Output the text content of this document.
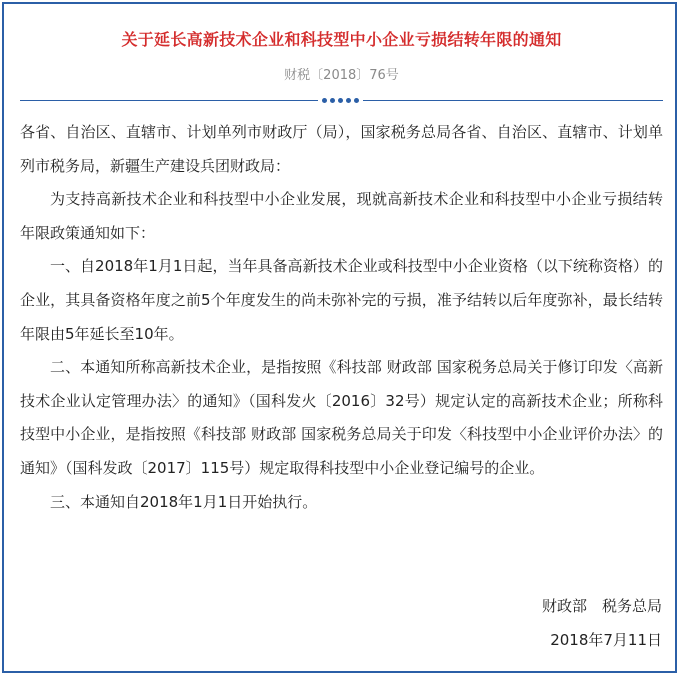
关于延长高新技术企业和科技型中小企业亏损结转年限的通知
财税〔2018〕76号

各省、自治区、直辖市、计划单列市财政厅（局），国家税务总局各省、自治区、直辖市、计划单列市税务局，新疆生产建设兵团财政局：

为支持高新技术企业和科技型中小企业发展，现就高新技术企业和科技型中小企业亏损结转年限政策通知如下：

一、自2018年1月1日起，当年具备高新技术企业或科技型中小企业资格（以下统称资格）的企业，其具备资格年度之前5个年度发生的尚未弥补完的亏损，准予结转以后年度弥补，最长结转年限由5年延长至10年。

二、本通知所称高新技术企业，是指按照《科技部 财政部 国家税务总局关于修订印发〈高新技术企业认定管理办法〉的通知》（国科发火〔2016〕32号）规定认定的高新技术企业；所称科技型中小企业，是指按照《科技部 财政部 国家税务总局关于印发〈科技型中小企业评价办法〉的通知》（国科发政〔2017〕115号）规定取得科技型中小企业登记编号的企业。

三、本通知自2018年1月1日开始执行。

财政部　税务总局
2018年7月11日
